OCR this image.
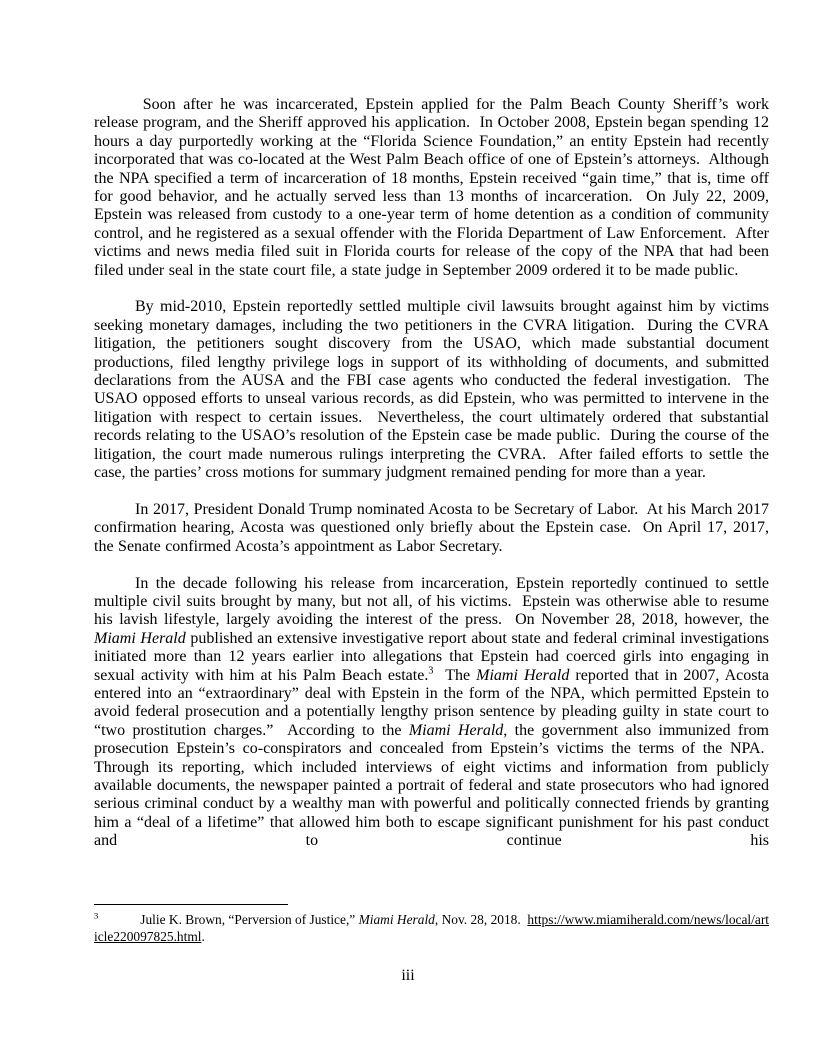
Soon after he was incarcerated, Epstein applied for the Palm Beach County Sheriff’s work release program, and the Sheriff approved his application.  In October 2008, Epstein began spending 12 hours a day purportedly working at the “Florida Science Foundation,” an entity Epstein had recently incorporated that was co-located at the West Palm Beach office of one of Epstein’s attorneys.  Although the NPA specified a term of incarceration of 18 months, Epstein received “gain time,” that is, time off for good behavior, and he actually served less than 13 months of incarceration.  On July 22, 2009, Epstein was released from custody to a one-year term of home detention as a condition of community control, and he registered as a sexual offender with the Florida Department of Law Enforcement.  After victims and news media filed suit in Florida courts for release of the copy of the NPA that had been filed under seal in the state court file, a state judge in September 2009 ordered it to be made public.

By mid-2010, Epstein reportedly settled multiple civil lawsuits brought against him by victims seeking monetary damages, including the two petitioners in the CVRA litigation.  During the CVRA litigation, the petitioners sought discovery from the USAO, which made substantial document productions, filed lengthy privilege logs in support of its withholding of documents, and submitted declarations from the AUSA and the FBI case agents who conducted the federal investigation.  The USAO opposed efforts to unseal various records, as did Epstein, who was permitted to intervene in the litigation with respect to certain issues.  Nevertheless, the court ultimately ordered that substantial records relating to the USAO’s resolution of the Epstein case be made public.  During the course of the litigation, the court made numerous rulings interpreting the CVRA.  After failed efforts to settle the case, the parties’ cross motions for summary judgment remained pending for more than a year.

In 2017, President Donald Trump nominated Acosta to be Secretary of Labor.  At his March 2017 confirmation hearing, Acosta was questioned only briefly about the Epstein case.  On April 17, 2017, the Senate confirmed Acosta’s appointment as Labor Secretary.

In the decade following his release from incarceration, Epstein reportedly continued to settle multiple civil suits brought by many, but not all, of his victims.  Epstein was otherwise able to resume his lavish lifestyle, largely avoiding the interest of the press.  On November 28, 2018, however, the Miami Herald published an extensive investigative report about state and federal criminal investigations initiated more than 12 years earlier into allegations that Epstein had coerced girls into engaging in sexual activity with him at his Palm Beach estate.$^3$  The Miami Herald reported that in 2007, Acosta entered into an “extraordinary” deal with Epstein in the form of the NPA, which permitted Epstein to avoid federal prosecution and a potentially lengthy prison sentence by pleading guilty in state court to “two prostitution charges.”  According to the Miami Herald, the government also immunized from prosecution Epstein’s co-conspirators and concealed from Epstein’s victims the terms of the NPA.  Through its reporting, which included interviews of eight victims and information from publicly available documents, the newspaper painted a portrait of federal and state prosecutors who had ignored serious criminal conduct by a wealthy man with powerful and politically connected friends by granting him a “deal of a lifetime” that allowed him both to escape significant punishment for his past conduct and to continue his

$^3$	Julie K. Brown, “Perversion of Justice,” Miami Herald, Nov. 28, 2018.  https://www.miamiherald.com/news/local/article220097825.html.

iii
